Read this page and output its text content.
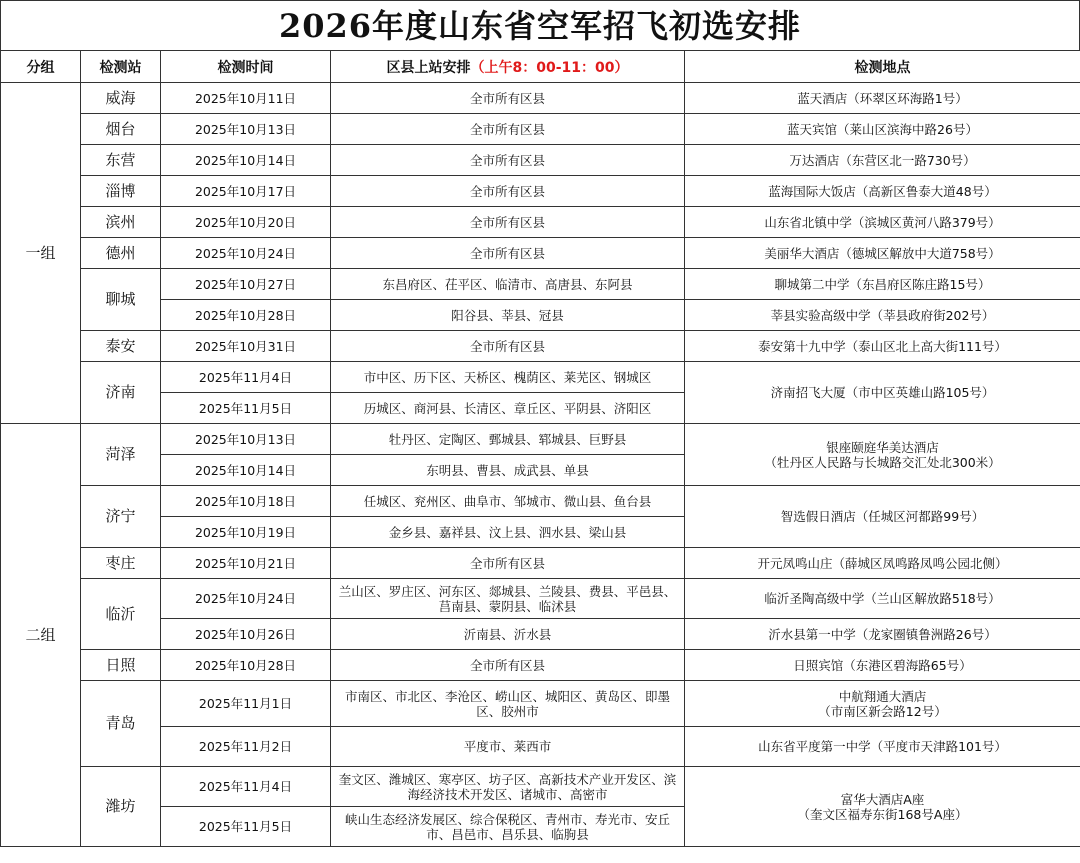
2026年度山东省空军招飞初选安排
分组	检测站	检测时间	区县上站安排（上午8：00-11：00）	检测地点
一组	威海	2025年10月11日	全市所有区县	蓝天酒店（环翠区环海路1号）
	烟台	2025年10月13日	全市所有区县	蓝天宾馆（莱山区滨海中路26号）
	东营	2025年10月14日	全市所有区县	万达酒店（东营区北一路730号）
	淄博	2025年10月17日	全市所有区县	蓝海国际大饭店（高新区鲁泰大道48号）
	滨州	2025年10月20日	全市所有区县	山东省北镇中学（滨城区黄河八路379号）
	德州	2025年10月24日	全市所有区县	美丽华大酒店（德城区解放中大道758号）
	聊城	2025年10月27日	东昌府区、茌平区、临清市、高唐县、东阿县	聊城第二中学（东昌府区陈庄路15号）
		2025年10月28日	阳谷县、莘县、冠县	莘县实验高级中学（莘县政府街202号）
	泰安	2025年10月31日	全市所有区县	泰安第十九中学（泰山区北上高大街111号）
	济南	2025年11月4日	市中区、历下区、天桥区、槐荫区、莱芜区、钢城区	济南招飞大厦（市中区英雄山路105号）
		2025年11月5日	历城区、商河县、长清区、章丘区、平阴县、济阳区	
二组	菏泽	2025年10月13日	牡丹区、定陶区、鄄城县、郓城县、巨野县	银座颐庭华美达酒店
（牡丹区人民路与长城路交汇处北300米）

		2025年10月14日	东明县、曹县、成武县、单县	
	济宁	2025年10月18日	任城区、兖州区、曲阜市、邹城市、微山县、鱼台县	智选假日酒店（任城区河都路99号）
		2025年10月19日	金乡县、嘉祥县、汶上县、泗水县、梁山县	
	枣庄	2025年10月21日	全市所有区县	开元凤鸣山庄（薛城区凤鸣路凤鸣公园北侧）
	临沂	2025年10月24日	兰山区、罗庄区、河东区、郯城县、兰陵县、费县、平邑县、莒南县、蒙阴县、临沭县	临沂圣陶高级中学（兰山区解放路518号）
		2025年10月26日	沂南县、沂水县	沂水县第一中学（龙家圈镇鲁洲路26号）
	日照	2025年10月28日	全市所有区县	日照宾馆（东港区碧海路65号）
	青岛	2025年11月1日	市南区、市北区、李沧区、崂山区、城阳区、黄岛区、即墨区、胶州市	中航翔通大酒店
（市南区新会路12号）

		2025年11月2日	平度市、莱西市	山东省平度第一中学（平度市天津路101号）
	潍坊	2025年11月4日	奎文区、潍城区、寒亭区、坊子区、高新技术产业开发区、滨海经济技术开发区、诸城市、高密市	富华大酒店A座
（奎文区福寿东街168号A座）

		2025年11月5日	峡山生态经济发展区、综合保税区、青州市、寿光市、安丘市、昌邑市、昌乐县、临朐县	
